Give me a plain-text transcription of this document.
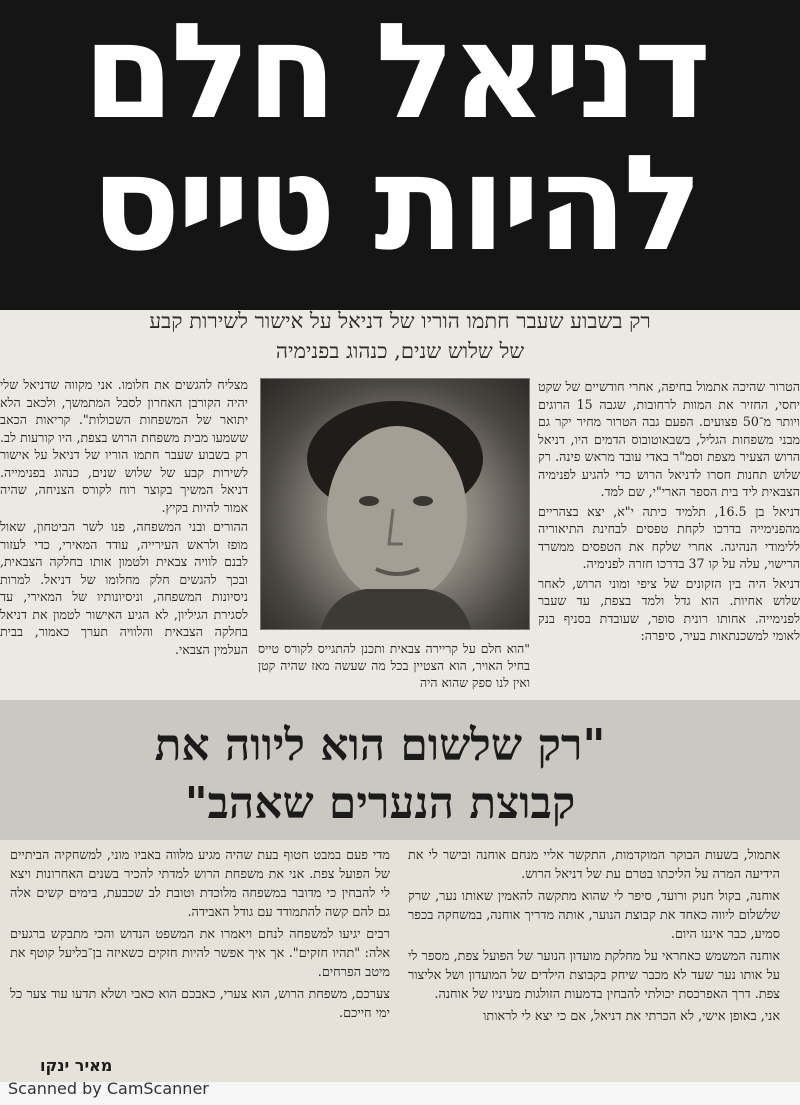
דניאל חלם
להיות טייס
רק בשבוע שעבר חתמו הוריו של דניאל על אישור לשירות קבע
של שלוש שנים, כנהוג בפנימיה

הטרור שהיכה אתמול בחיפה, אחרי חודשיים של שקט יחסי, החזיר את המוות לרחובות, שגבה 15 הרוגים ויותר מ־50 פצועים. הפעם גבה הטרור מחיר יקר גם מבני משפחות הגליל, בשבאוטובוס הדמים היו, דניאל הרוש הצעיר מצפת וסמ"ר באדי עובד מראש פינה. רק שלוש תחנות חסרו לדניאל הרוש כדי להגיע לפנימיה הצבאית ליד בית הספר הארי"י, שם למד.

דניאל בן 16.5, תלמיד כיתה י"א, יצא בצהריים מהפנימייה בדרכו לקחת טפסים לבחינת התיאוריה ללימודי הנהיגה. אחרי שלקח את הטפסים ממשרד הרישוי, עלה על קו 37 בדרכו חזרה לפנימיה.

דניאל היה בין הזקונים של ציפי ומוני הרוש, לאחר שלוש אחיות. הוא גדל ולמד בצפת, עד שעבר לפנימייה. אחותו רונית סופר, שעובדת בסניף בנק לאומי למשכנתאות בעיר, סיפרה:

"הוא חלם על קריירה צבאית ותכנן להתגייס לקורס טייס בחיל האויר, הוא הצטיין בכל מה שעשה מאז שהיה קטן ואין לנו ספק שהוא היה

מצליח להגשים את חלומו. אני מקווה שדניאל שלי יהיה הקורבן האחרון לסבל המתמשך, ולכאב הלא יתואר של המשפחות השכולות". קריאות הכאב ששמעו מבית משפחת הרוש בצפת, היו קורעות לב. רק בשבוע שעבר חתמו הוריו של דניאל על אישור לשירות קבע של שלוש שנים, כנהוג בפנימייה. דניאל המשיך בקוצר רוח לקורס הצניחה, שהיה אמור להיות בקיץ.

ההורים ובני המשפחה, פנו לשר הביטחון, שאול מופז ולראש העירייה, עודד המאירי, כדי לעזור לבנם לוויה צבאית ולטמון אותו בחלקה הצבאית, ובכך להגשים חלק מחלומו של דניאל. למרות ניסיונות המשפחה, וניסיונותיו של המאירי, עד לסגירת הגיליון, לא הגיע האישור לטמון את דניאל בחלקה הצבאית והלוויה תערך כאמור, בבית העלמין הצבאי.

"רק שלשום הוא ליווה את
קבוצת הנערים שאהב"

אתמול, בשעות הבוקר המוקדמות, התקשר אליי מנחם אוחנה ובישר לי את הידיעה המרה על הליכתו בטרם עת של דניאל הרוש.

אוחנה, בקול חנוק ורועד, סיפר לי שהוא מתקשה להאמין שאותו נער, שרק שלשלום ליווה כאחד את קבוצת הנוער, אותה מדריך אוחנה, במשחקה בכפר סמיע, כבר איננו היום.

אוחנה המשמש כאחראי על מחלקת מועדון הנוער של הפועל צפת, מספר לי על אותו נער שעד לא מכבר שיחק בקבוצת הילדים של המועדון ושל אליצור צפת. דרך האפרכסת יכולתי להבחין בדמעות הזולגות מעיניו של אוחנה.

אני, באופן אישי, לא הכרתי את דניאל, אם כי יצא לי לראותו

מדי פעם במבט חטוף בעת שהיה מגיע מלווה באביו מוני, למשחקיה הביתיים של הפועל צפת. אני את משפחת הרוש למדתי להכיר בשנים האחרונות ויצא לי להבחין כי מדובר במשפחה מלוכדת וטובת לב שכבעת, בימים קשים אלה גם להם קשה להתמודד עם גודל האבידה.

רבים יגיעו למשפחה לנחם ויאמרו את המשפט הנדוש והכי מתבקש ברגעים אלה: "תהיו חזקים". אך איך אפשר להיות חזקים כשאיזה בן־בליעל קוטף את מיטב הפרחים.

צערכם, משפחת הרוש, הוא צערי, כאבכם הוא כאבי ושלא תדעו עוד צער כל ימי חייכם.

מאיר ינקו
Scanned by CamScanner
